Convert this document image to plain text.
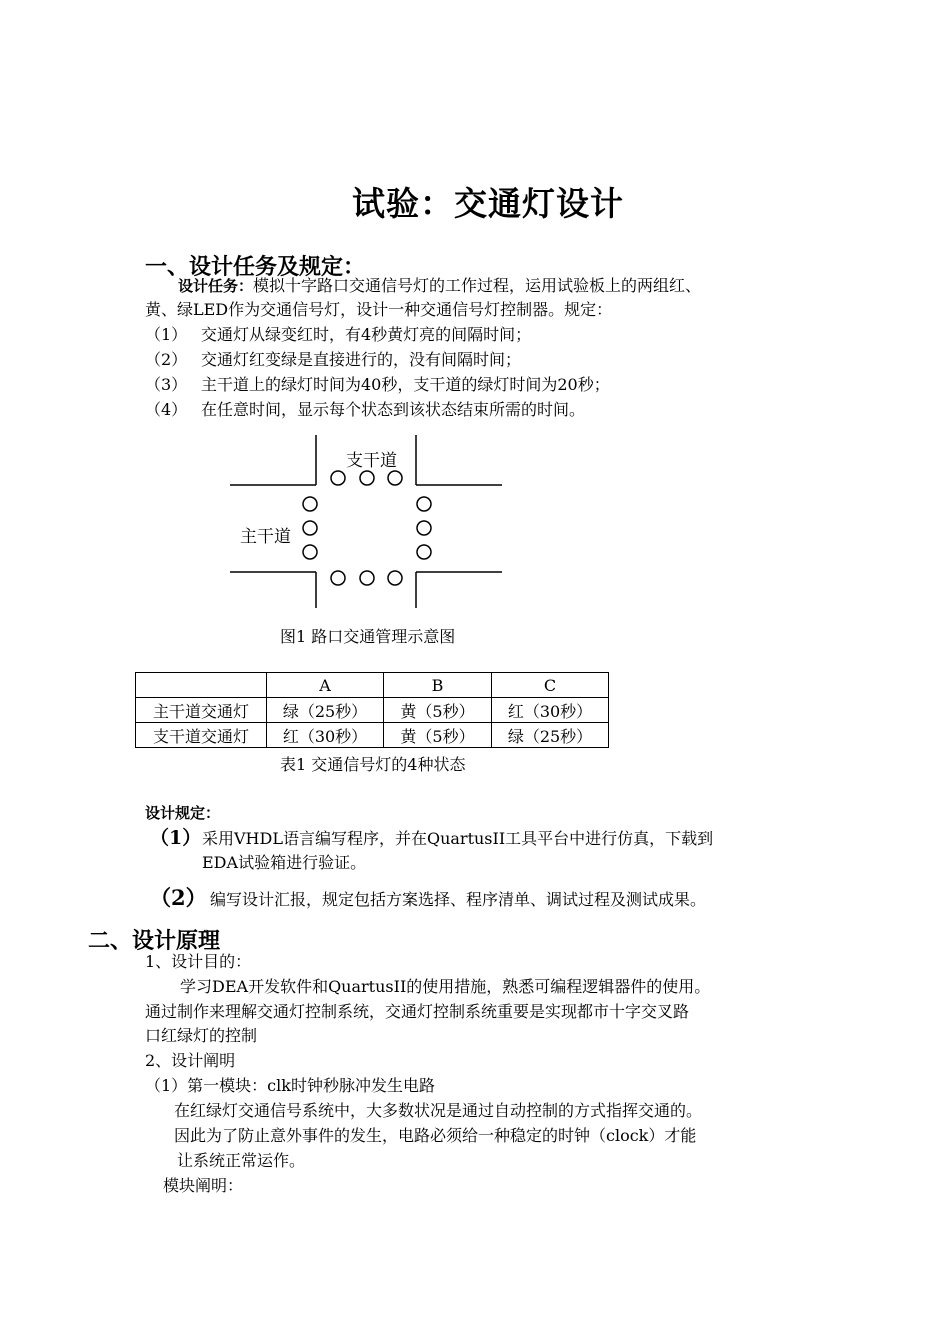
试验：交通灯设计
一、设计任务及规定：
设计任务：模拟十字路口交通信号灯的工作过程，运用试验板上的两组红、
黄、绿LED作为交通信号灯，设计一种交通信号灯控制器。规定：
（1） 交通灯从绿变红时，有4秒黄灯亮的间隔时间；
（2） 交通灯红变绿是直接进行的，没有间隔时间；
（3） 主干道上的绿灯时间为40秒，支干道的绿灯时间为20秒；
（4） 在任意时间，显示每个状态到该状态结束所需的时间。
支干道
主干道
图1 路口交通管理示意图
	A	B	C
主干道交通灯	绿（25秒）	黄（5秒）	红（30秒）
支干道交通灯	红（30秒）	黄（5秒）	绿（25秒）
表1 交通信号灯的4种状态
设计规定：
（1）采用VHDL语言编写程序，并在QuartusII工具平台中进行仿真，下载到
EDA试验箱进行验证。
（2） 编写设计汇报，规定包括方案选择、程序清单、调试过程及测试成果。
二、设计原理
1、设计目的：
学习DEA开发软件和QuartusII的使用措施，熟悉可编程逻辑器件的使用。
通过制作来理解交通灯控制系统，交通灯控制系统重要是实现都市十字交叉路
口红绿灯的控制
2、设计阐明
（1）第一模块：clk时钟秒脉冲发生电路
在红绿灯交通信号系统中，大多数状况是通过自动控制的方式指挥交通的。
因此为了防止意外事件的发生，电路必须给一种稳定的时钟（clock）才能
让系统正常运作。
模块阐明：
